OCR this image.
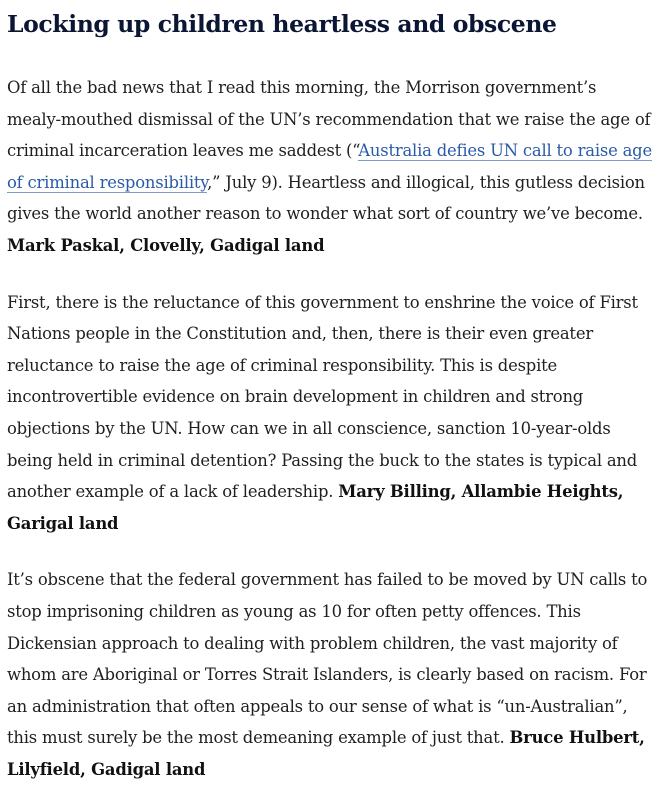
Locking up children heartless and obscene

Of all the bad news that I read this morning, the Morrison government’s mealy-mouthed dismissal of the UN’s recommendation that we raise the age of criminal incarceration leaves me saddest (“Australia defies UN call to raise age of criminal responsibility,” July 9). Heartless and illogical, this gutless decision gives the world another reason to wonder what sort of country we’ve become. Mark Paskal, Clovelly, Gadigal land

First, there is the reluctance of this government to enshrine the voice of First Nations people in the Constitution and, then, there is their even greater reluctance to raise the age of criminal responsibility. This is despite incontrovertible evidence on brain development in children and strong objections by the UN. How can we in all conscience, sanction 10-year-olds being held in criminal detention? Passing the buck to the states is typical and another example of a lack of leadership. Mary Billing, Allambie Heights, Garigal land

It’s obscene that the federal government has failed to be moved by UN calls to stop imprisoning children as young as 10 for often petty offences. This Dickensian approach to dealing with problem children, the vast majority of whom are Aboriginal or Torres Strait Islanders, is clearly based on racism. For an administration that often appeals to our sense of what is “un-Australian”, this must surely be the most demeaning example of just that. Bruce Hulbert, Lilyfield, Gadigal land
